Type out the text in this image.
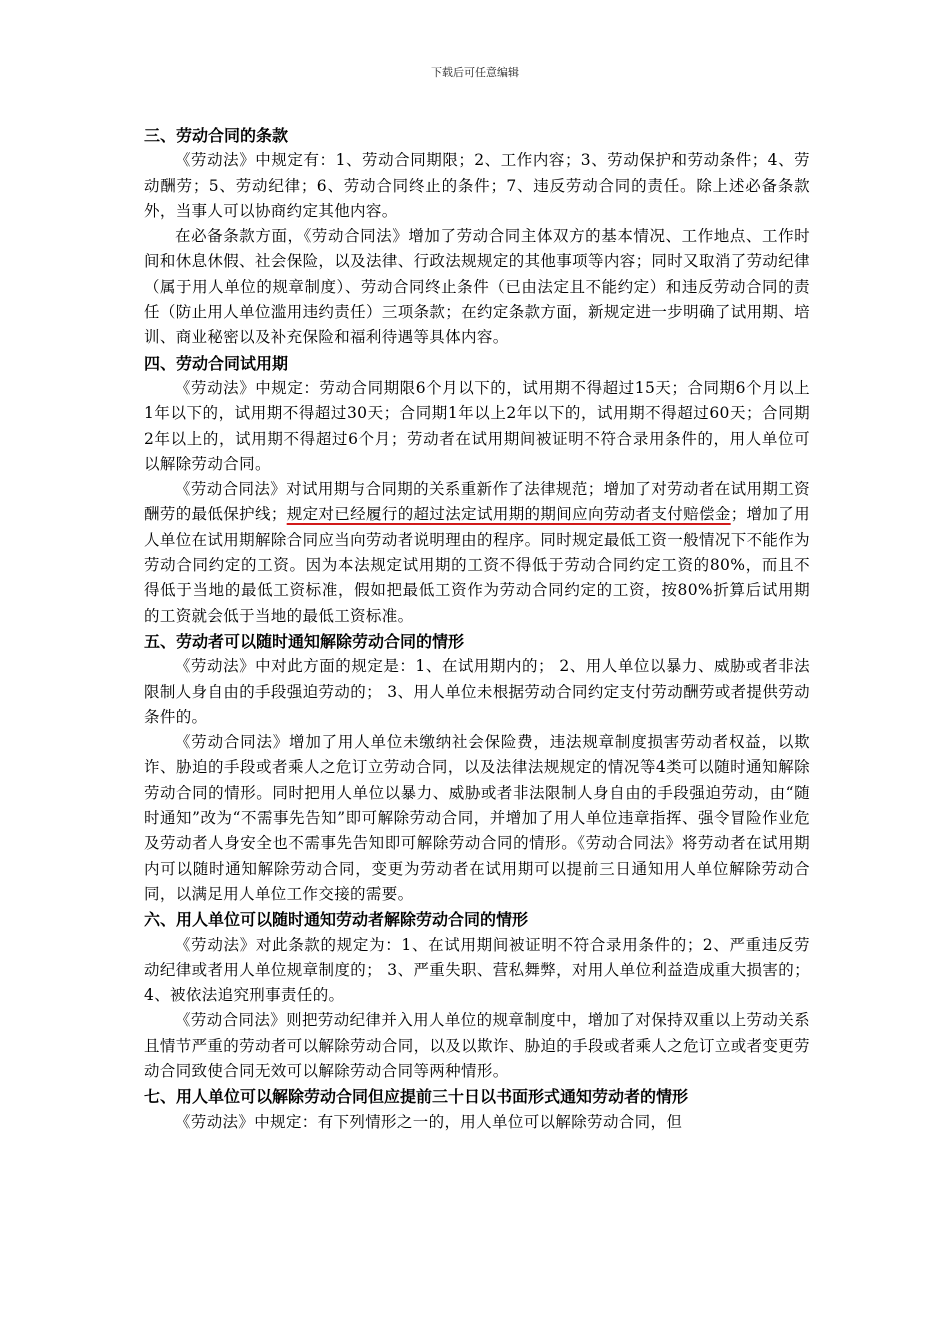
下载后可任意编辑
三、劳动合同的条款

《劳动法》中规定有：1、劳动合同期限；2、工作内容；3、劳动保护和劳动条件；4、劳动酬劳；5、劳动纪律；6、劳动合同终止的条件；7、违反劳动合同的责任。除上述必备条款外，当事人可以协商约定其他内容。

在必备条款方面，《劳动合同法》增加了劳动合同主体双方的基本情况、工作地点、工作时间和休息休假、社会保险，以及法律、行政法规规定的其他事项等内容；同时又取消了劳动纪律（属于用人单位的规章制度）、劳动合同终止条件（已由法定且不能约定）和违反劳动合同的责任（防止用人单位滥用违约责任）三项条款；在约定条款方面，新规定进一步明确了试用期、培训、商业秘密以及补充保险和福利待遇等具体内容。

四、劳动合同试用期

《劳动法》中规定：劳动合同期限6个月以下的，试用期不得超过15天；合同期6个月以上1年以下的，试用期不得超过30天；合同期1年以上2年以下的，试用期不得超过60天；合同期2年以上的，试用期不得超过6个月；劳动者在试用期间被证明不符合录用条件的，用人单位可以解除劳动合同。

《劳动合同法》对试用期与合同期的关系重新作了法律规范；增加了对劳动者在试用期工资酬劳的最低保护线；规定对已经履行的超过法定试用期的期间应向劳动者支付赔偿金；增加了用人单位在试用期解除合同应当向劳动者说明理由的程序。同时规定最低工资一般情况下不能作为劳动合同约定的工资。因为本法规定试用期的工资不得低于劳动合同约定工资的80%，而且不得低于当地的最低工资标准，假如把最低工资作为劳动合同约定的工资，按80%折算后试用期的工资就会低于当地的最低工资标准。

五、劳动者可以随时通知解除劳动合同的情形

《劳动法》中对此方面的规定是：1、在试用期内的； 2、用人单位以暴力、威胁或者非法限制人身自由的手段强迫劳动的； 3、用人单位未根据劳动合同约定支付劳动酬劳或者提供劳动条件的。

《劳动合同法》增加了用人单位未缴纳社会保险费，违法规章制度损害劳动者权益，以欺诈、胁迫的手段或者乘人之危订立劳动合同，以及法律法规规定的情况等4类可以随时通知解除劳动合同的情形。同时把用人单位以暴力、威胁或者非法限制人身自由的手段强迫劳动，由“随时通知”改为“不需事先告知”即可解除劳动合同，并增加了用人单位违章指挥、强令冒险作业危及劳动者人身安全也不需事先告知即可解除劳动合同的情形。《劳动合同法》将劳动者在试用期内可以随时通知解除劳动合同，变更为劳动者在试用期可以提前三日通知用人单位解除劳动合同，以满足用人单位工作交接的需要。

六、用人单位可以随时通知劳动者解除劳动合同的情形

《劳动法》对此条款的规定为：1、在试用期间被证明不符合录用条件的；2、严重违反劳动纪律或者用人单位规章制度的； 3、严重失职、营私舞弊，对用人单位利益造成重大损害的； 4、被依法追究刑事责任的。

《劳动合同法》则把劳动纪律并入用人单位的规章制度中，增加了对保持双重以上劳动关系且情节严重的劳动者可以解除劳动合同，以及以欺诈、胁迫的手段或者乘人之危订立或者变更劳动合同致使合同无效可以解除劳动合同等两种情形。

七、用人单位可以解除劳动合同但应提前三十日以书面形式通知劳动者的情形

《劳动法》中规定：有下列情形之一的，用人单位可以解除劳动合同，但
